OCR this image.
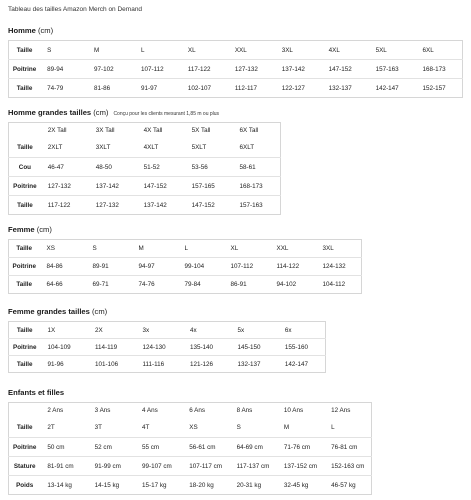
Tableau des tailles Amazon Merch on Demand
Homme (cm)
Taille	S	M	L	XL	XXL	3XL	4XL	5XL	6XL
Poitrine	89-94	97-102	107-112	117-122	127-132	137-142	147-152	157-163	168-173
Taille	74-79	81-86	91-97	102-107	112-117	122-127	132-137	142-147	152-157
Homme grandes tailles (cm) Conçu pour les clients mesurant 1,85 m ou plus
	2X Tall	3X Tall	4X Tall	5X Tall	6X Tall
Taille	2XLT	3XLT	4XLT	5XLT	6XLT
Cou	46-47	48-50	51-52	53-56	58-61
Poitrine	127-132	137-142	147-152	157-165	168-173
Taille	117-122	127-132	137-142	147-152	157-163
Femme (cm)
Taille	XS	S	M	L	XL	XXL	3XL
Poitrine	84-86	89-91	94-97	99-104	107-112	114-122	124-132
Taille	64-66	69-71	74-76	79-84	86-91	94-102	104-112
Femme grandes tailles (cm)
Taille	1X	2X	3x	4x	5x	6x
Poitrine	104-109	114-119	124-130	135-140	145-150	155-160
Taille	91-96	101-106	111-116	121-126	132-137	142-147
Enfants et filles
	2 Ans	3 Ans	4 Ans	6 Ans	8 Ans	10 Ans	12 Ans
Taille	2T	3T	4T	XS	S	M	L
Poitrine	50 cm	52 cm	55 cm	56-61 cm	64-69 cm	71-76 cm	76-81 cm
Stature	81-91 cm	91-99 cm	99-107 cm	107-117 cm	117-137 cm	137-152 cm	152-163 cm
Poids	13-14 kg	14-15 kg	15-17 kg	18-20 kg	20-31 kg	32-45 kg	46-57 kg
